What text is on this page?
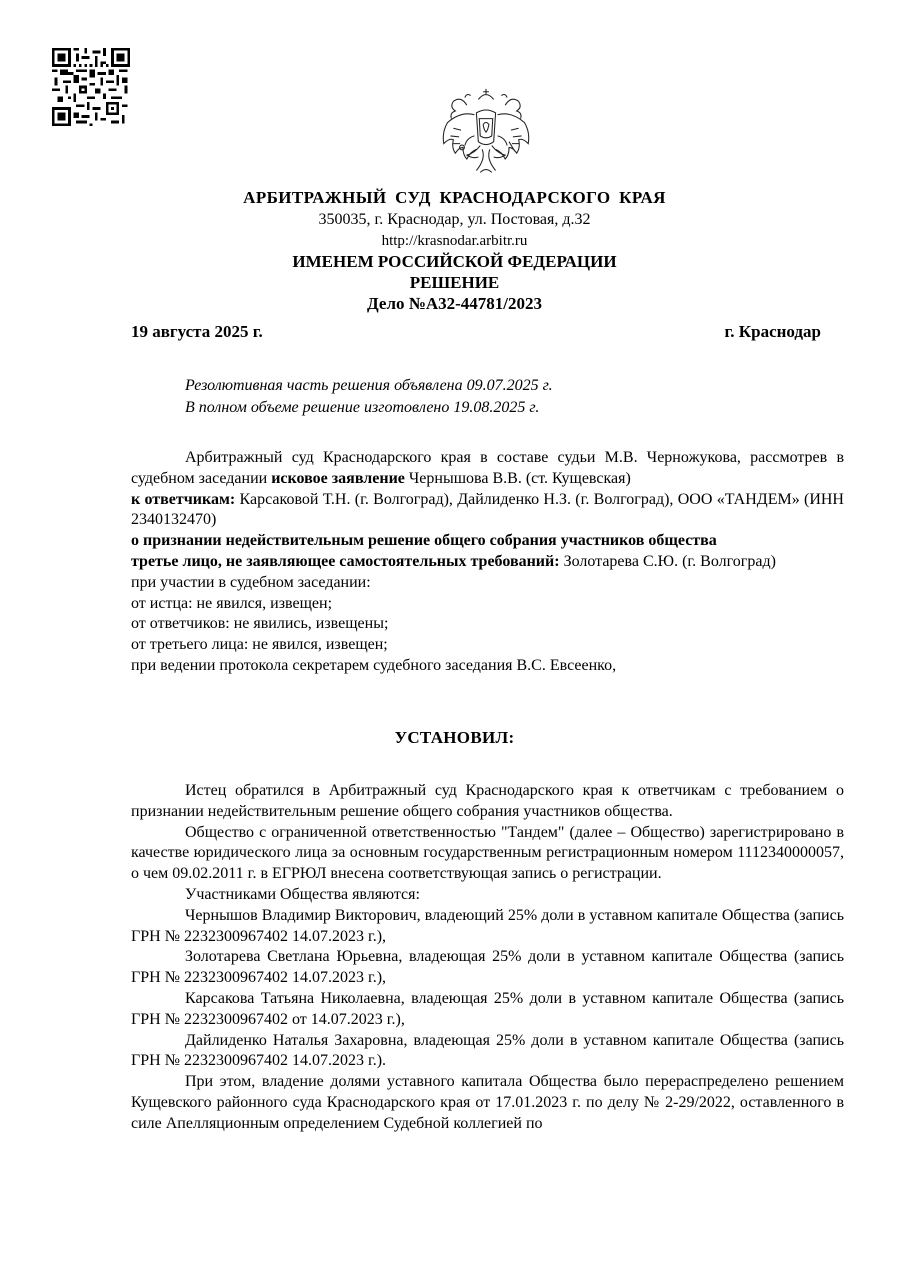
АРБИТРАЖНЫЙ СУД КРАСНОДАРСКОГО КРАЯ
350035, г. Краснодар, ул. Постовая, д.32
http://krasnodar.arbitr.ru
ИМЕНЕМ РОССИЙСКОЙ ФЕДЕРАЦИИ
РЕШЕНИЕ
Дело №А32-44781/2023
19 августа 2025 г.	г. Краснодар
Резолютивная часть решения объявлена 09.07.2025 г.
В полном объеме решение изготовлено 19.08.2025 г.

Арбитражный суд Краснодарского края в составе судьи М.В. Черножукова, рассмотрев в судебном заседании исковое заявление Чернышова В.В. (ст. Кущевская)

к ответчикам: Карсаковой Т.Н. (г. Волгоград), Дайлиденко Н.З. (г. Волгоград), ООО «ТАНДЕМ» (ИНН 2340132470)

о признании недействительным решение общего собрания участников общества

третье лицо, не заявляющее самостоятельных требований: Золотарева С.Ю. (г. Волгоград)

при участии в судебном заседании:

от истца: не явился, извещен;

от ответчиков: не явились, извещены;

от третьего лица: не явился, извещен;

при ведении протокола секретарем судебного заседания В.С. Евсеенко,

УСТАНОВИЛ:

Истец обратился в Арбитражный суд Краснодарского края к ответчикам с требованием о признании недействительным решение общего собрания участников общества.

Общество с ограниченной ответственностью "Тандем" (далее – Общество) зарегистрировано в качестве юридического лица за основным государственным регистрационным номером 1112340000057, о чем 09.02.2011 г. в ЕГРЮЛ внесена соответствующая запись о регистрации.

Участниками Общества являются:

Чернышов Владимир Викторович, владеющий 25% доли в уставном капитале Общества (запись ГРН № 2232300967402 14.07.2023 г.),

Золотарева Светлана Юрьевна, владеющая 25% доли в уставном капитале Общества (запись ГРН № 2232300967402 14.07.2023 г.),

Карсакова Татьяна Николаевна, владеющая 25% доли в уставном капитале Общества (запись ГРН № 2232300967402 от 14.07.2023 г.),

Дайлиденко Наталья Захаровна, владеющая 25% доли в уставном капитале Общества (запись ГРН № 2232300967402 14.07.2023 г.).

При этом, владение долями уставного капитала Общества было перераспределено решением Кущевского районного суда Краснодарского края от 17.01.2023 г. по делу № 2-29/2022, оставленного в силе Апелляционным определением Судебной коллегией по
